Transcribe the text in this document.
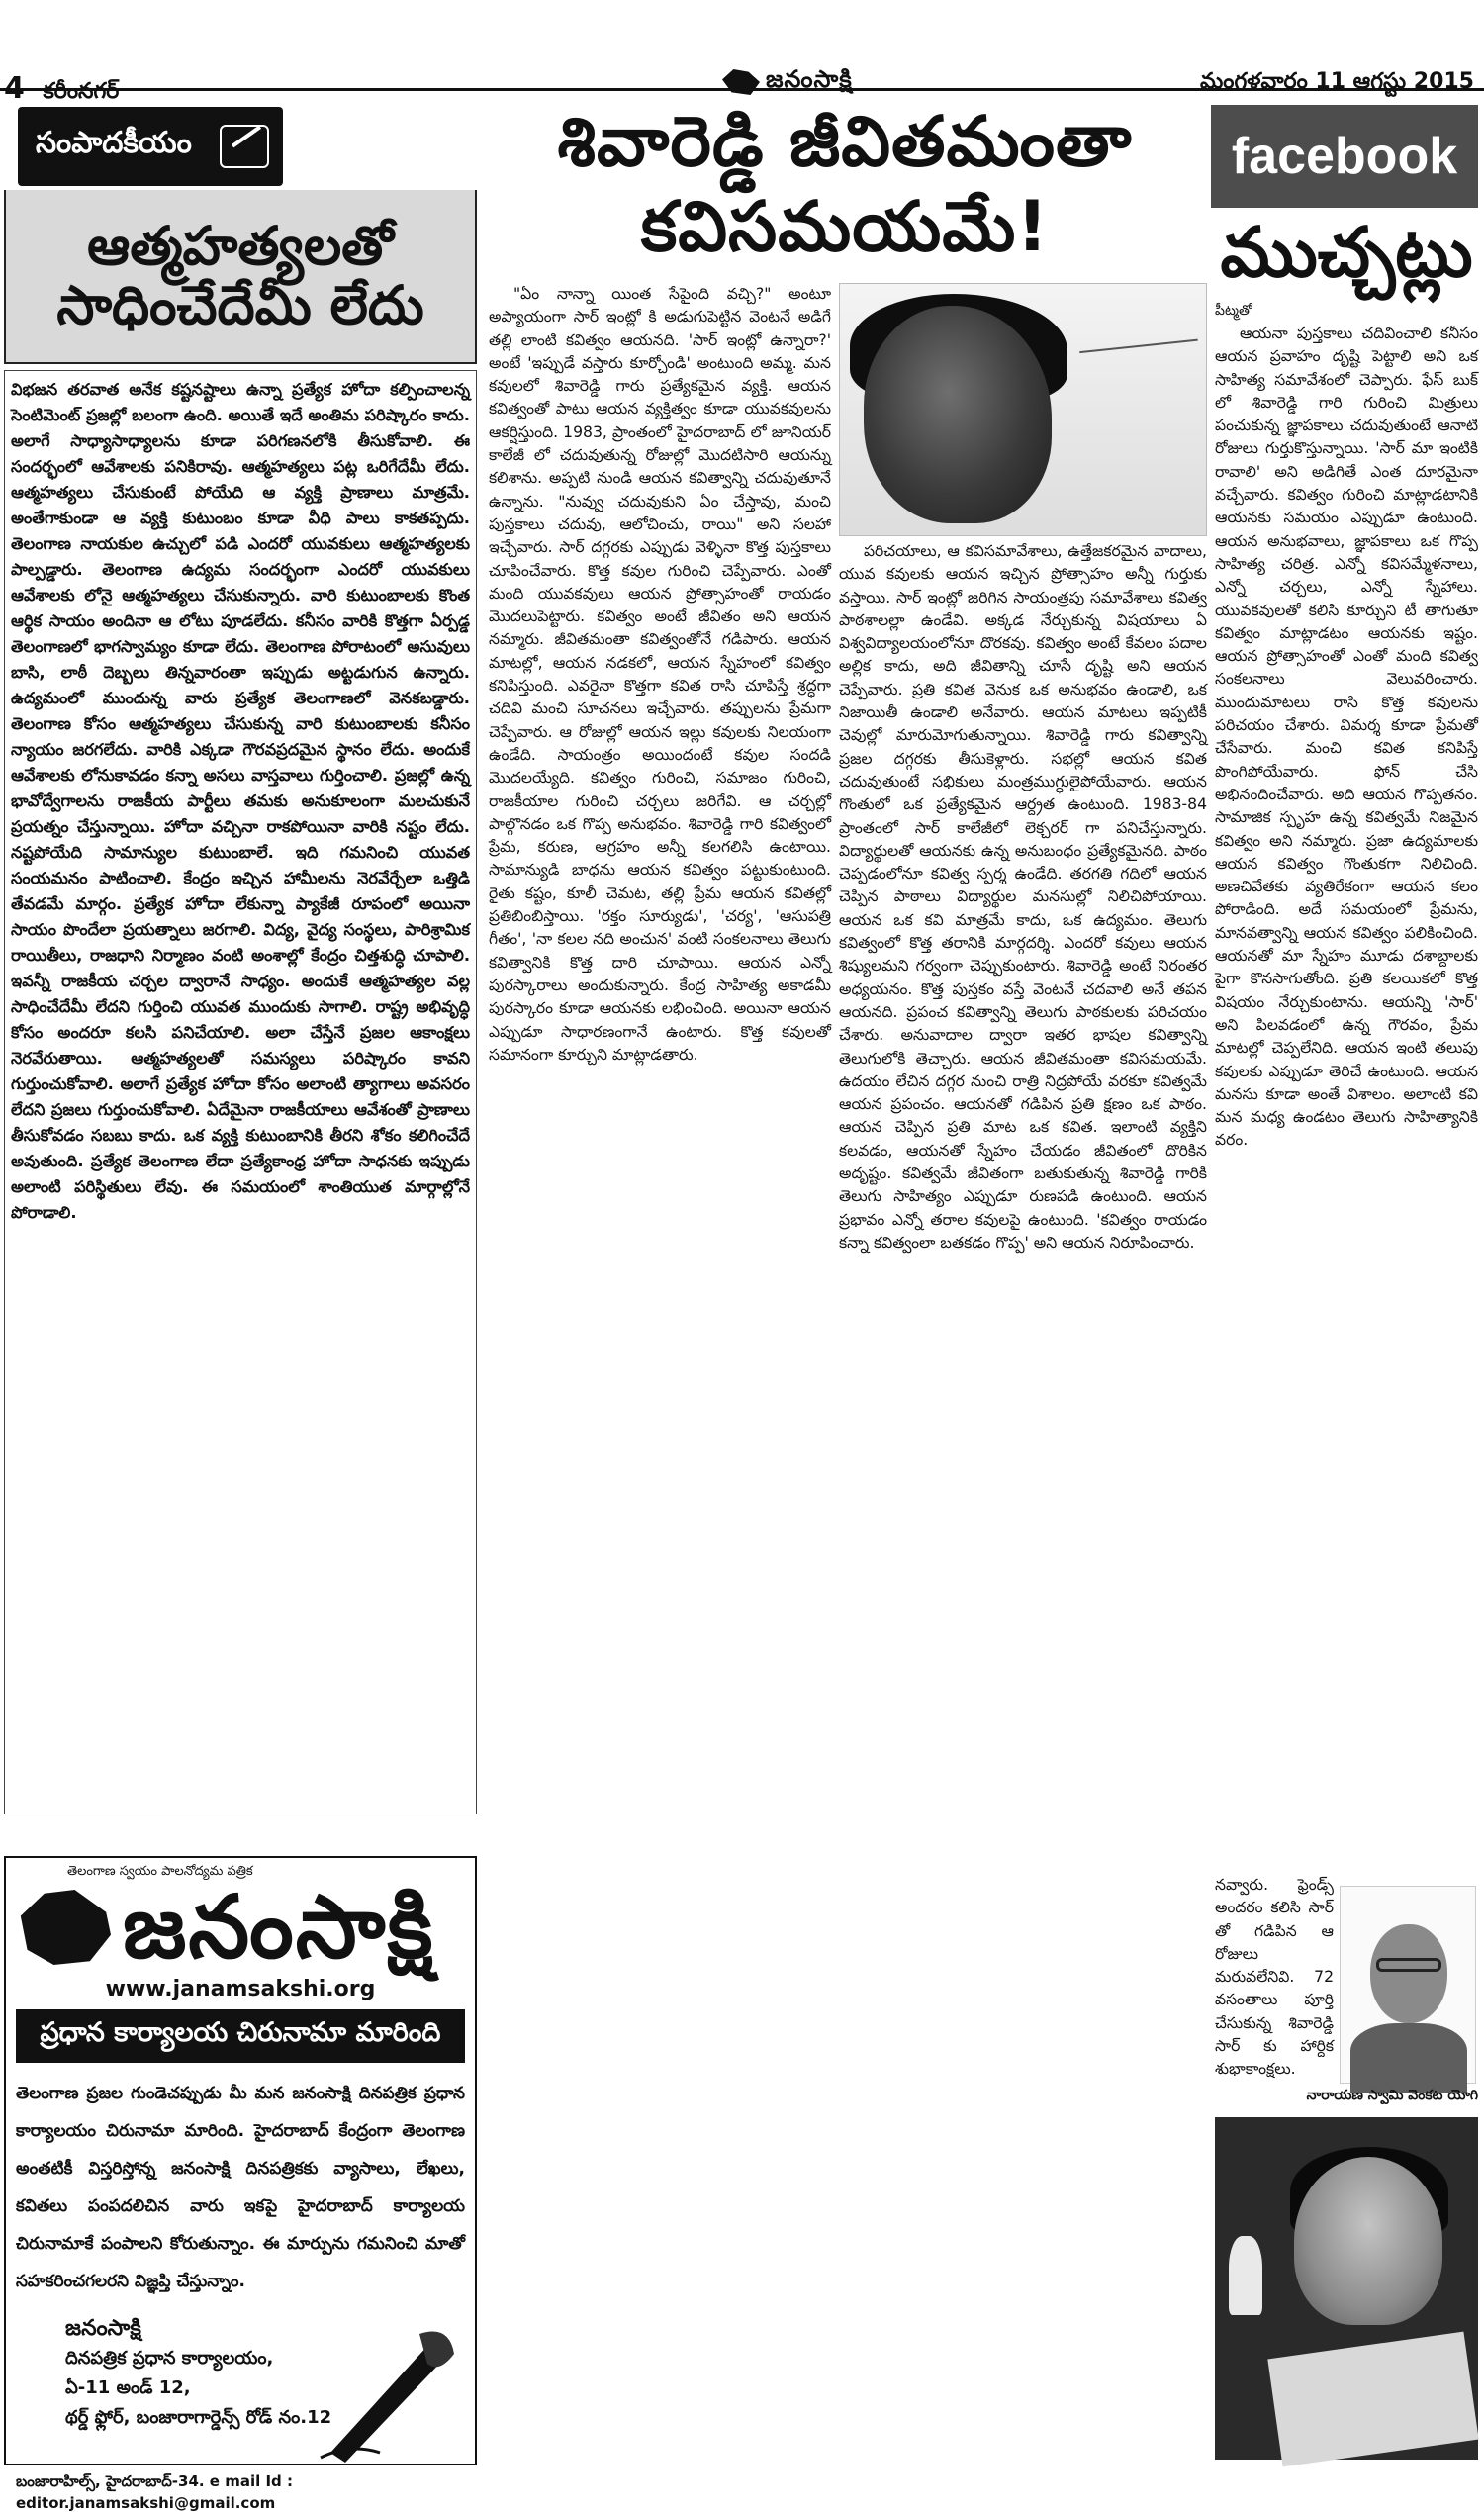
4 కరీంనగర్	జనంసాక్షి	మంగళవారం 11 ఆగస్టు 2015
సంపాదకీయం
ఆత్మహత్యలతో
సాధించేదేమీ లేదు

విభజన తరవాత అనేక కష్టనష్టాలు ఉన్నా ప్రత్యేక హోదా కల్పించాలన్న సెంటిమెంట్ ప్రజల్లో బలంగా ఉంది. అయితే ఇదే అంతిమ పరిష్కారం కాదు. అలాగే సాధ్యాసాధ్యాలను కూడా పరిగణనలోకి తీసుకోవాలి. ఈ సందర్భంలో ఆవేశాలకు పనికిరావు. ఆత్మహత్యలు పట్ల ఒరిగేదేమీ లేదు. ఆత్మహత్యలు చేసుకుంటే పోయేది ఆ వ్యక్తి ప్రాణాలు మాత్రమే. అంతేగాకుండా ఆ వ్యక్తి కుటుంబం కూడా వీధి పాలు కాకతప్పదు. తెలంగాణ నాయకుల ఉచ్చులో పడి ఎందరో యువకులు ఆత్మహత్యలకు పాల్పడ్డారు. తెలంగాణ ఉద్యమ సందర్భంగా ఎందరో యువకులు ఆవేశాలకు లోనై ఆత్మహత్యలు చేసుకున్నారు. వారి కుటుంబాలకు కొంత ఆర్థిక సాయం అందినా ఆ లోటు పూడలేదు. కనీసం వారికి కొత్తగా ఏర్పడ్డ తెలంగాణలో భాగస్వామ్యం కూడా లేదు. తెలంగాణ పోరాటంలో అసువులు బాసి, లాఠీ దెబ్బలు తిన్నవారంతా ఇప్పుడు అట్టడుగున ఉన్నారు. ఉద్యమంలో ముందున్న వారు ప్రత్యేక తెలంగాణలో వెనకబడ్డారు. తెలంగాణ కోసం ఆత్మహత్యలు చేసుకున్న వారి కుటుంబాలకు కనీసం న్యాయం జరగలేదు. వారికి ఎక్కడా గౌరవప్రదమైన స్థానం లేదు. అందుకే ఆవేశాలకు లోనుకావడం కన్నా అసలు వాస్తవాలు గుర్తించాలి. ప్రజల్లో ఉన్న భావోద్వేగాలను రాజకీయ పార్టీలు తమకు అనుకూలంగా మలచుకునే ప్రయత్నం చేస్తున్నాయి. హోదా వచ్చినా రాకపోయినా వారికి నష్టం లేదు. నష్టపోయేది సామాన్యుల కుటుంబాలే. ఇది గమనించి యువత సంయమనం పాటించాలి. కేంద్రం ఇచ్చిన హామీలను నెరవేర్చేలా ఒత్తిడి తేవడమే మార్గం. ప్రత్యేక హోదా లేకున్నా ప్యాకేజీ రూపంలో అయినా సాయం పొందేలా ప్రయత్నాలు జరగాలి. విద్య, వైద్య సంస్థలు, పారిశ్రామిక రాయితీలు, రాజధాని నిర్మాణం వంటి అంశాల్లో కేంద్రం చిత్తశుద్ధి చూపాలి. ఇవన్నీ రాజకీయ చర్చల ద్వారానే సాధ్యం. అందుకే ఆత్మహత్యల వల్ల సాధించేదేమీ లేదని గుర్తించి యువత ముందుకు సాగాలి. రాష్ట్ర అభివృద్ధి కోసం అందరూ కలసి పనిచేయాలి. అలా చేస్తేనే ప్రజల ఆకాంక్షలు నెరవేరుతాయి. ఆత్మహత్యలతో సమస్యలు పరిష్కారం కావని గుర్తుంచుకోవాలి. అలాగే ప్రత్యేక హోదా కోసం అలాంటి త్యాగాలు అవసరం లేదని ప్రజలు గుర్తుంచుకోవాలి. ఏదేమైనా రాజకీయాలు ఆవేశంతో ప్రాణాలు తీసుకోవడం సబబు కాదు. ఒక వ్యక్తి కుటుంబానికి తీరని శోకం కలిగించేదే అవుతుంది. ప్రత్యేక తెలంగాణ లేదా ప్రత్యేకాంధ్ర హోదా సాధనకు ఇప్పుడు అలాంటి పరిస్థితులు లేవు. ఈ సమయంలో శాంతియుత మార్గాల్లోనే పోరాడాలి.

తెలంగాణ స్వయం పాలనోద్యమ పత్రిక
జనంసాక్షి
www.janamsakshi.org
ప్రధాన కార్యాలయ చిరునామా మారింది
తెలంగాణ ప్రజల గుండెచప్పుడు మీ మన జనంసాక్షి దినపత్రిక ప్రధాన కార్యాలయం చిరునామా మారింది. హైదరాబాద్ కేంద్రంగా తెలంగాణ అంతటికీ విస్తరిస్తోన్న జనంసాక్షి దినపత్రికకు వ్యాసాలు, లేఖలు, కవితలు పంపదలిచిన వారు ఇకపై హైదరాబాద్ కార్యాలయ చిరునామాకే పంపాలని కోరుతున్నాం. ఈ మార్పును గమనించి మాతో సహకరించగలరని విజ్ఞప్తి చేస్తున్నాం.
జనంసాక్షి
దినపత్రిక ప్రధాన కార్యాలయం,
ఏ-11 అండ్ 12,
థర్డ్ ఫ్లోర్, బంజారాగార్డెన్స్ రోడ్ నం.12
బంజారాహిల్స్, హైదరాబాద్-34. e mail Id : editor.janamsakshi@gmail.com
శివారెడ్డి జీవితమంతా
కవిసమయమే!
facebook
ముచ్చట్లు
పీట్మతో

"ఏం నాన్నా యింత సేపైంది వచ్చి?" అంటూ అప్యాయంగా సార్ ఇంట్లో కి అడుగుపెట్టిన వెంటనే అడిగే తల్లి లాంటి కవిత్వం ఆయనది. 'సార్ ఇంట్లో ఉన్నారా?' అంటే 'ఇప్పుడే వస్తారు కూర్చోండి' అంటుంది అమ్మ. మన కవులలో శివారెడ్డి గారు ప్రత్యేకమైన వ్యక్తి. ఆయన కవిత్వంతో పాటు ఆయన వ్యక్తిత్వం కూడా యువకవులను ఆకర్షిస్తుంది. 1983, ప్రాంతంలో హైదరాబాద్ లో జూనియర్ కాలేజీ లో చదువుతున్న రోజుల్లో మొదటిసారి ఆయన్ను కలిశాను. అప్పటి నుండి ఆయన కవిత్వాన్ని చదువుతూనే ఉన్నాను. "నువ్వు చదువుకుని ఏం చేస్తావు, మంచి పుస్తకాలు చదువు, ఆలోచించు, రాయి" అని సలహా ఇచ్చేవారు. సార్ దగ్గరకు ఎప్పుడు వెళ్ళినా కొత్త పుస్తకాలు చూపించేవారు. కొత్త కవుల గురించి చెప్పేవారు. ఎంతో మంది యువకవులు ఆయన ప్రోత్సాహంతో రాయడం మొదలుపెట్టారు. కవిత్వం అంటే జీవితం అని ఆయన నమ్మారు. జీవితమంతా కవిత్వంతోనే గడిపారు. ఆయన మాటల్లో, ఆయన నడకలో, ఆయన స్నేహంలో కవిత్వం కనిపిస్తుంది. ఎవరైనా కొత్తగా కవిత రాసి చూపిస్తే శ్రద్ధగా చదివి మంచి సూచనలు ఇచ్చేవారు. తప్పులను ప్రేమగా చెప్పేవారు. ఆ రోజుల్లో ఆయన ఇల్లు కవులకు నిలయంగా ఉండేది. సాయంత్రం అయిందంటే కవుల సందడి మొదలయ్యేది. కవిత్వం గురించి, సమాజం గురించి, రాజకీయాల గురించి చర్చలు జరిగేవి. ఆ చర్చల్లో పాల్గొనడం ఒక గొప్ప అనుభవం. శివారెడ్డి గారి కవిత్వంలో ప్రేమ, కరుణ, ఆగ్రహం అన్నీ కలగలిసి ఉంటాయి. సామాన్యుడి బాధను ఆయన కవిత్వం పట్టుకుంటుంది. రైతు కష్టం, కూలీ చెమట, తల్లి ప్రేమ ఆయన కవితల్లో ప్రతిబింబిస్తాయి. 'రక్తం సూర్యుడు', 'చర్య', 'ఆసుపత్రి గీతం', 'నా కలల నది అంచున' వంటి సంకలనాలు తెలుగు కవిత్వానికి కొత్త దారి చూపాయి. ఆయన ఎన్నో పురస్కారాలు అందుకున్నారు. కేంద్ర సాహిత్య అకాడమీ పురస్కారం కూడా ఆయనకు లభించింది. అయినా ఆయన ఎప్పుడూ సాధారణంగానే ఉంటారు. కొత్త కవులతో సమానంగా కూర్చుని మాట్లాడతారు.

పరిచయాలు, ఆ కవిసమావేశాలు, ఉత్తేజకరమైన వాదాలు, యువ కవులకు ఆయన ఇచ్చిన ప్రోత్సాహం అన్నీ గుర్తుకు వస్తాయి. సార్ ఇంట్లో జరిగిన సాయంత్రపు సమావేశాలు కవిత్వ పాఠశాలల్లా ఉండేవి. అక్కడ నేర్చుకున్న విషయాలు ఏ విశ్వవిద్యాలయంలోనూ దొరకవు. కవిత్వం అంటే కేవలం పదాల అల్లిక కాదు, అది జీవితాన్ని చూసే దృష్టి అని ఆయన చెప్పేవారు. ప్రతి కవిత వెనుక ఒక అనుభవం ఉండాలి, ఒక నిజాయితీ ఉండాలి అనేవారు. ఆయన మాటలు ఇప్పటికీ చెవుల్లో మారుమోగుతున్నాయి. శివారెడ్డి గారు కవిత్వాన్ని ప్రజల దగ్గరకు తీసుకెళ్లారు. సభల్లో ఆయన కవిత చదువుతుంటే సభికులు మంత్రముగ్ధులైపోయేవారు. ఆయన గొంతులో ఒక ప్రత్యేకమైన ఆర్ద్రత ఉంటుంది. 1983-84 ప్రాంతంలో సార్ కాలేజీలో లెక్చరర్ గా పనిచేస్తున్నారు. విద్యార్థులతో ఆయనకు ఉన్న అనుబంధం ప్రత్యేకమైనది. పాఠం చెప్పడంలోనూ కవిత్వ స్పర్శ ఉండేది. తరగతి గదిలో ఆయన చెప్పిన పాఠాలు విద్యార్థుల మనసుల్లో నిలిచిపోయాయి. ఆయన ఒక కవి మాత్రమే కాదు, ఒక ఉద్యమం. తెలుగు కవిత్వంలో కొత్త తరానికి మార్గదర్శి. ఎందరో కవులు ఆయన శిష్యులమని గర్వంగా చెప్పుకుంటారు. శివారెడ్డి అంటే నిరంతర అధ్యయనం. కొత్త పుస్తకం వస్తే వెంటనే చదవాలి అనే తపన ఆయనది. ప్రపంచ కవిత్వాన్ని తెలుగు పాఠకులకు పరిచయం చేశారు. అనువాదాల ద్వారా ఇతర భాషల కవిత్వాన్ని తెలుగులోకి తెచ్చారు. ఆయన జీవితమంతా కవిసమయమే. ఉదయం లేచిన దగ్గర నుంచి రాత్రి నిద్రపోయే వరకూ కవిత్వమే ఆయన ప్రపంచం. ఆయనతో గడిపిన ప్రతి క్షణం ఒక పాఠం. ఆయన చెప్పిన ప్రతి మాట ఒక కవిత. ఇలాంటి వ్యక్తిని కలవడం, ఆయనతో స్నేహం చేయడం జీవితంలో దొరికిన అదృష్టం. కవిత్వమే జీవితంగా బతుకుతున్న శివారెడ్డి గారికి తెలుగు సాహిత్యం ఎప్పుడూ రుణపడి ఉంటుంది. ఆయన ప్రభావం ఎన్నో తరాల కవులపై ఉంటుంది. 'కవిత్వం రాయడం కన్నా కవిత్వంలా బతకడం గొప్ప' అని ఆయన నిరూపించారు.

ఆయనా పుస్తకాలు చదివించాలి కనీసం ఆయన ప్రవాహం దృష్టి పెట్టాలి అని ఒక సాహిత్య సమావేశంలో చెప్పారు. ఫేస్ బుక్ లో శివారెడ్డి గారి గురించి మిత్రులు పంచుకున్న జ్ఞాపకాలు చదువుతుంటే ఆనాటి రోజులు గుర్తుకొస్తున్నాయి. 'సార్ మా ఇంటికి రావాలి' అని అడిగితే ఎంత దూరమైనా వచ్చేవారు. కవిత్వం గురించి మాట్లాడటానికి ఆయనకు సమయం ఎప్పుడూ ఉంటుంది. ఆయన అనుభవాలు, జ్ఞాపకాలు ఒక గొప్ప సాహిత్య చరిత్ర. ఎన్నో కవిసమ్మేళనాలు, ఎన్నో చర్చలు, ఎన్నో స్నేహాలు. యువకవులతో కలిసి కూర్చుని టీ తాగుతూ కవిత్వం మాట్లాడటం ఆయనకు ఇష్టం. ఆయన ప్రోత్సాహంతో ఎంతో మంది కవిత్వ సంకలనాలు వెలువరించారు. ముందుమాటలు రాసి కొత్త కవులను పరిచయం చేశారు. విమర్శ కూడా ప్రేమతో చేసేవారు. మంచి కవిత కనిపిస్తే పొంగిపోయేవారు. ఫోన్ చేసి అభినందించేవారు. అది ఆయన గొప్పతనం. సామాజిక స్పృహ ఉన్న కవిత్వమే నిజమైన కవిత్వం అని నమ్మారు. ప్రజా ఉద్యమాలకు ఆయన కవిత్వం గొంతుకగా నిలిచింది. అణచివేతకు వ్యతిరేకంగా ఆయన కలం పోరాడింది. అదే సమయంలో ప్రేమను, మానవత్వాన్ని ఆయన కవిత్వం పలికించింది. ఆయనతో మా స్నేహం మూడు దశాబ్దాలకు పైగా కొనసాగుతోంది. ప్రతి కలయికలో కొత్త విషయం నేర్చుకుంటాను. ఆయన్ని 'సార్' అని పిలవడంలో ఉన్న గౌరవం, ప్రేమ మాటల్లో చెప్పలేనిది. ఆయన ఇంటి తలుపు కవులకు ఎప్పుడూ తెరిచే ఉంటుంది. ఆయన మనసు కూడా అంతే విశాలం. అలాంటి కవి మన మధ్య ఉండటం తెలుగు సాహిత్యానికి వరం.

నవ్వారు. ఫ్రెండ్స్ అందరం కలిసి సార్ తో గడిపిన ఆ రోజులు మరువలేనివి. 72 వసంతాలు పూర్తి చేసుకున్న శివారెడ్డి సార్ కు హార్దిక శుభాకాంక్షలు.

నారాయణ స్వామి వెంకట యోగి
